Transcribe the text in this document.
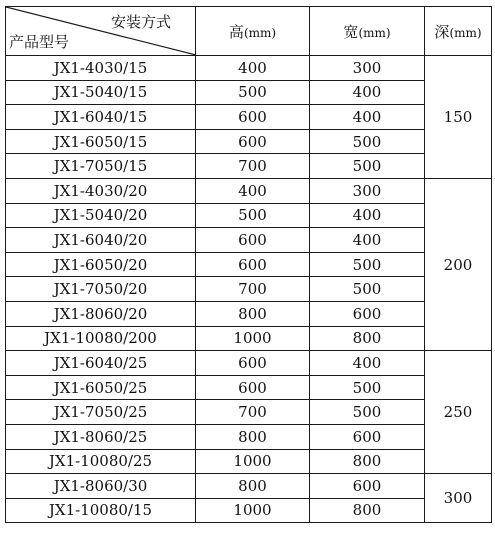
安装方式
产品型号	高(mm)	宽(mm)	深(mm)
JX1-4030/15	400	300	150
JX1-5040/15	500	400	
JX1-6040/15	600	400	
JX1-6050/15	600	500	
JX1-7050/15	700	500	
JX1-4030/20	400	300	200
JX1-5040/20	500	400	
JX1-6040/20	600	400	
JX1-6050/20	600	500	
JX1-7050/20	700	500	
JX1-8060/20	800	600	
JX1-10080/200	1000	800	
JX1-6040/25	600	400	250
JX1-6050/25	600	500	
JX1-7050/25	700	500	
JX1-8060/25	800	600	
JX1-10080/25	1000	800	
JX1-8060/30	800	600	300
JX1-10080/15	1000	800	
